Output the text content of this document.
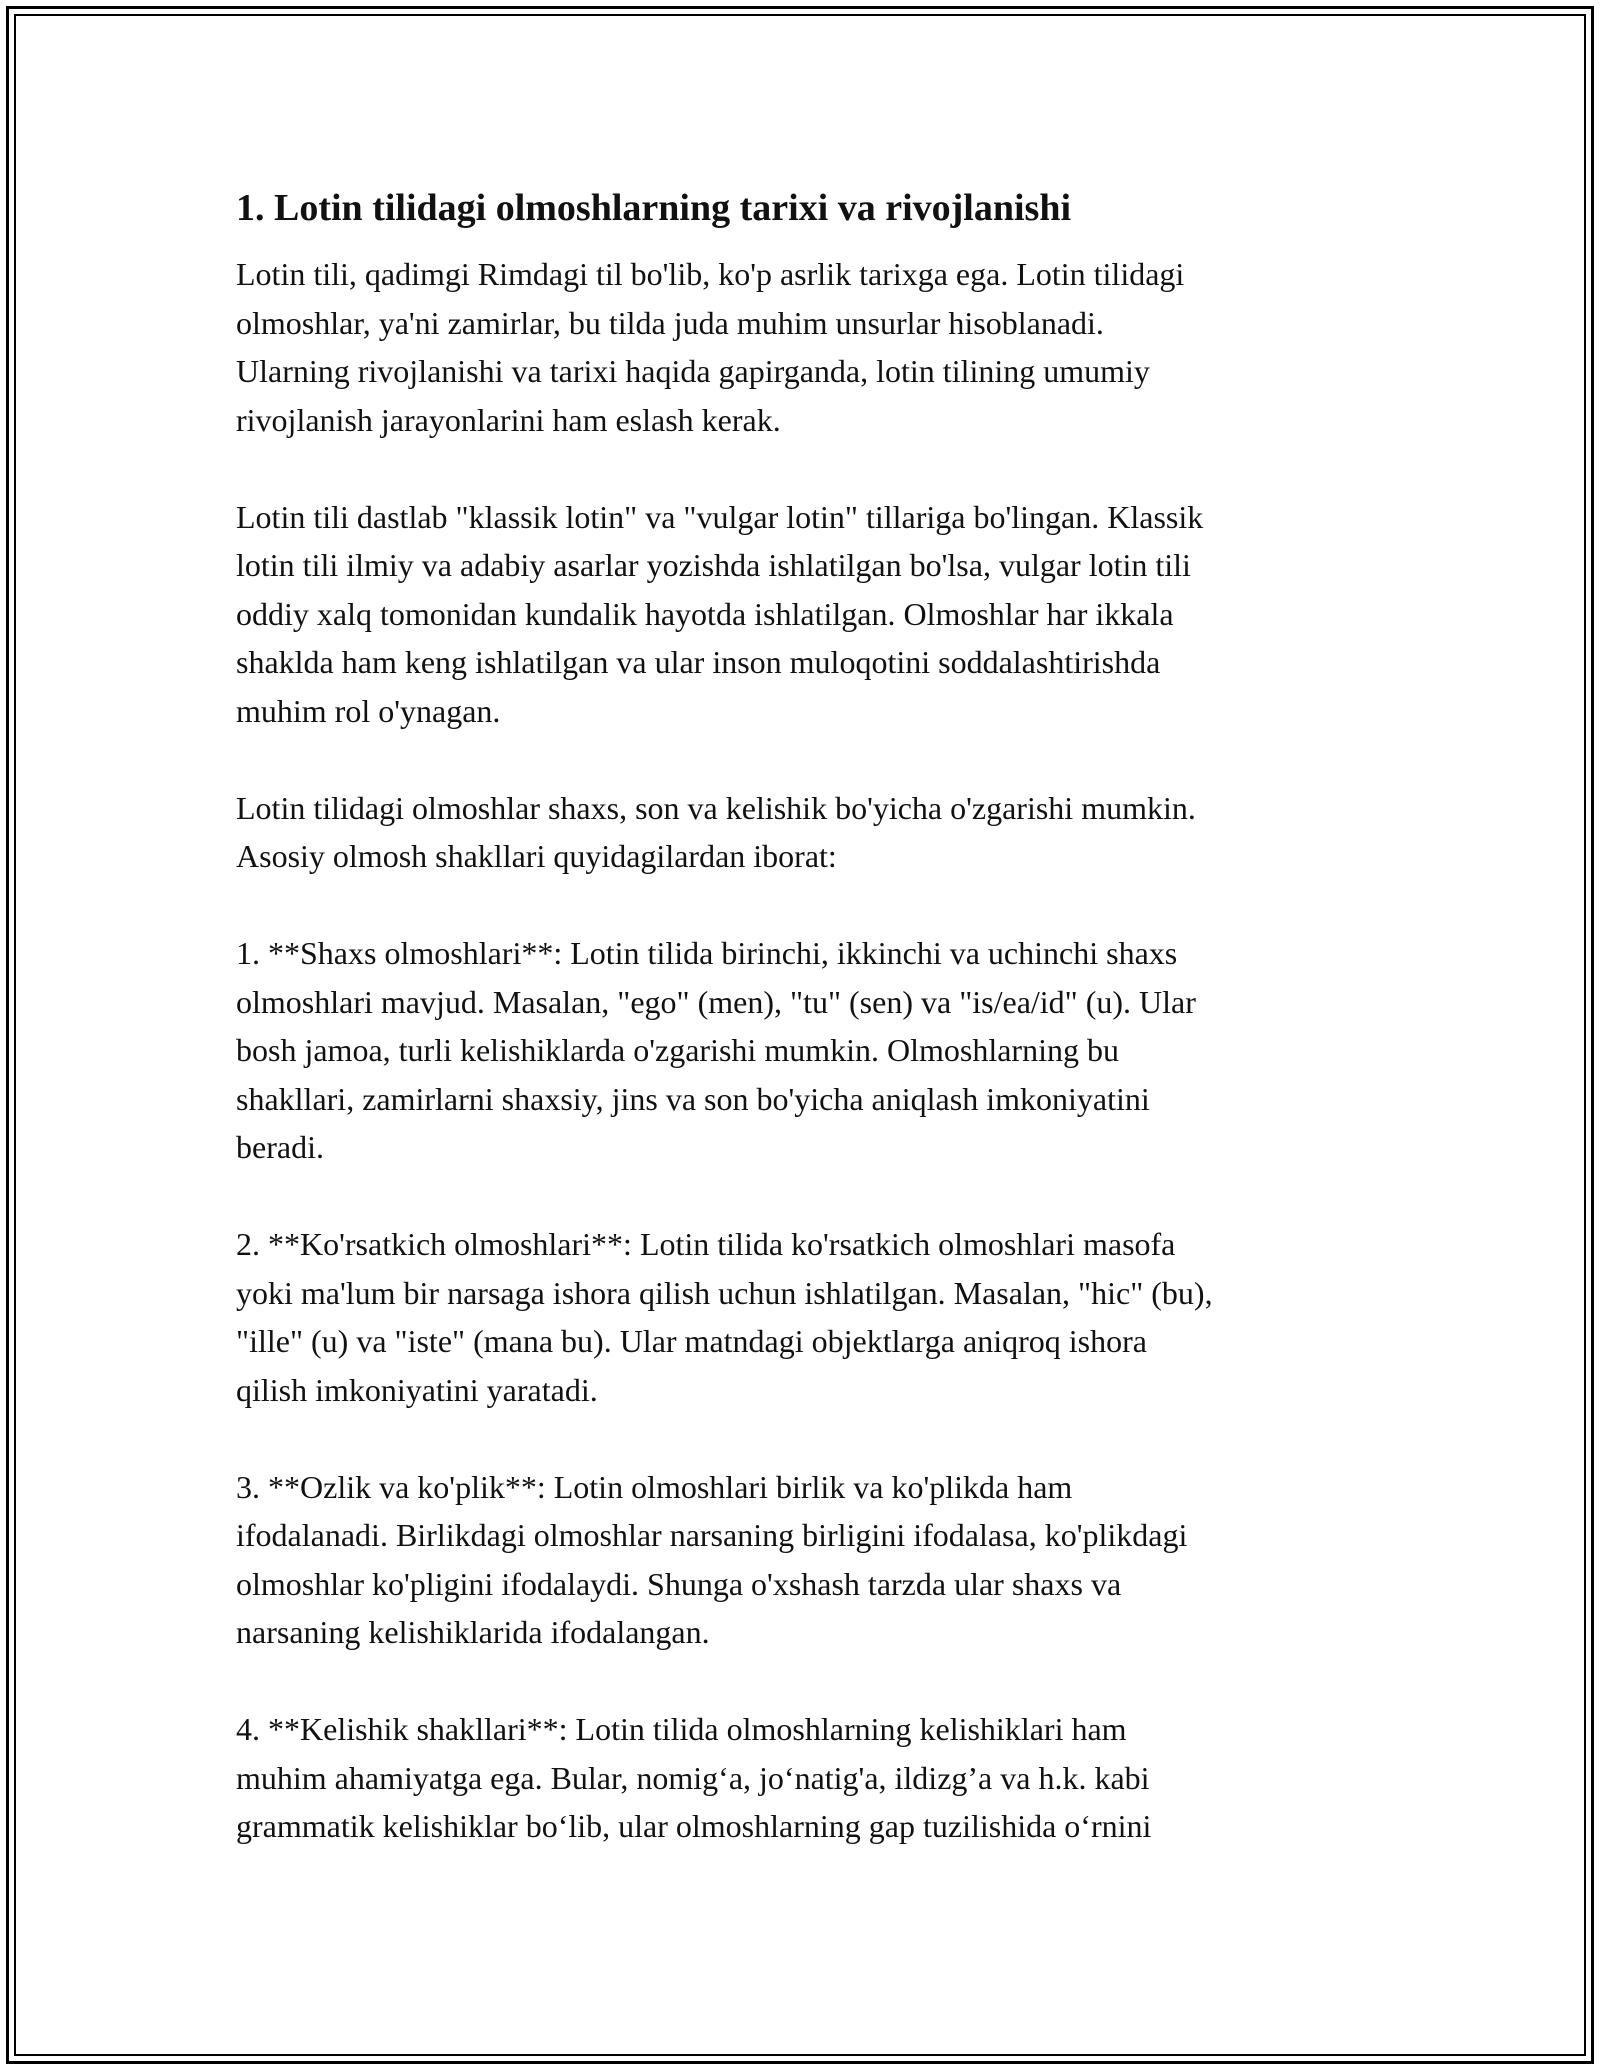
1. Lotin tilidagi olmoshlarning tarixi va rivojlanishi

Lotin tili, qadimgi Rimdagi til bo'lib, ko'p asrlik tarixga ega. Lotin tilidagi
olmoshlar, ya'ni zamirlar, bu tilda juda muhim unsurlar hisoblanadi.
Ularning rivojlanishi va tarixi haqida gapirganda, lotin tilining umumiy
rivojlanish jarayonlarini ham eslash kerak.

Lotin tili dastlab "klassik lotin" va "vulgar lotin" tillariga bo'lingan. Klassik
lotin tili ilmiy va adabiy asarlar yozishda ishlatilgan bo'lsa, vulgar lotin tili
oddiy xalq tomonidan kundalik hayotda ishlatilgan. Olmoshlar har ikkala
shaklda ham keng ishlatilgan va ular inson muloqotini soddalashtirishda
muhim rol o'ynagan.

Lotin tilidagi olmoshlar shaxs, son va kelishik bo'yicha o'zgarishi mumkin.
Asosiy olmosh shakllari quyidagilardan iborat:

1. **Shaxs olmoshlari**: Lotin tilida birinchi, ikkinchi va uchinchi shaxs
olmoshlari mavjud. Masalan, "ego" (men), "tu" (sen) va "is/ea/id" (u). Ular
bosh jamoa, turli kelishiklarda o'zgarishi mumkin. Olmoshlarning bu
shakllari, zamirlarni shaxsiy, jins va son bo'yicha aniqlash imkoniyatini
beradi.

2. **Ko'rsatkich olmoshlari**: Lotin tilida ko'rsatkich olmoshlari masofa
yoki ma'lum bir narsaga ishora qilish uchun ishlatilgan. Masalan, "hic" (bu),
"ille" (u) va "iste" (mana bu). Ular matndagi objektlarga aniqroq ishora
qilish imkoniyatini yaratadi.

3. **Ozlik va ko'plik**: Lotin olmoshlari birlik va ko'plikda ham
ifodalanadi. Birlikdagi olmoshlar narsaning birligini ifodalasa, ko'plikdagi
olmoshlar ko'pligini ifodalaydi. Shunga o'xshash tarzda ular shaxs va
narsaning kelishiklarida ifodalangan.

4. **Kelishik shakllari**: Lotin tilida olmoshlarning kelishiklari ham
muhim ahamiyatga ega. Bular, nomig‘a, jo‘natig'a, ildizg’a va h.k. kabi
grammatik kelishiklar bo‘lib, ular olmoshlarning gap tuzilishida o‘rnini
